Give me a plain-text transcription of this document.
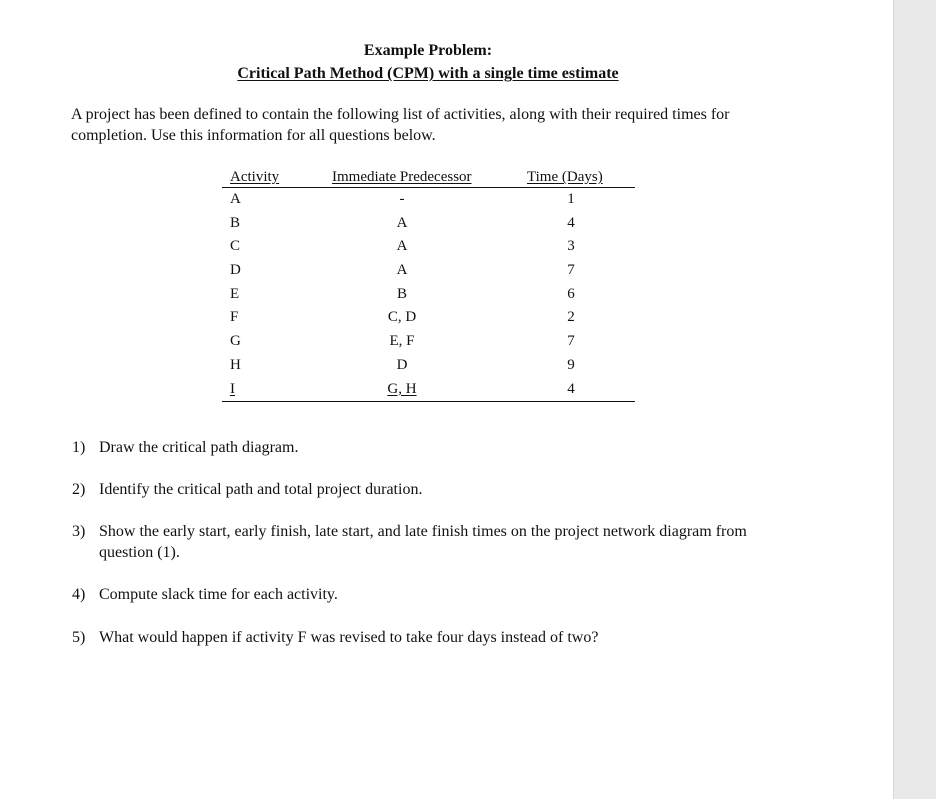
Example Problem:
Critical Path Method (CPM) with a single time estimate
A project has been defined to contain the following list of activities, along with their required times for completion. Use this information for all questions below.
Activity	Immediate Predecessor	Time (Days)
A	-	1
B	A	4
C	A	3
D	A	7
E	B	6
F	C, D	2
G	E, F	7
H	D	9
I	G, H	4
1) Draw the critical path diagram.
2) Identify the critical path and total project duration.
3) Show the early start, early finish, late start, and late finish times on the project network diagram from question (1).
4) Compute slack time for each activity.
5) What would happen if activity F was revised to take four days instead of two?
